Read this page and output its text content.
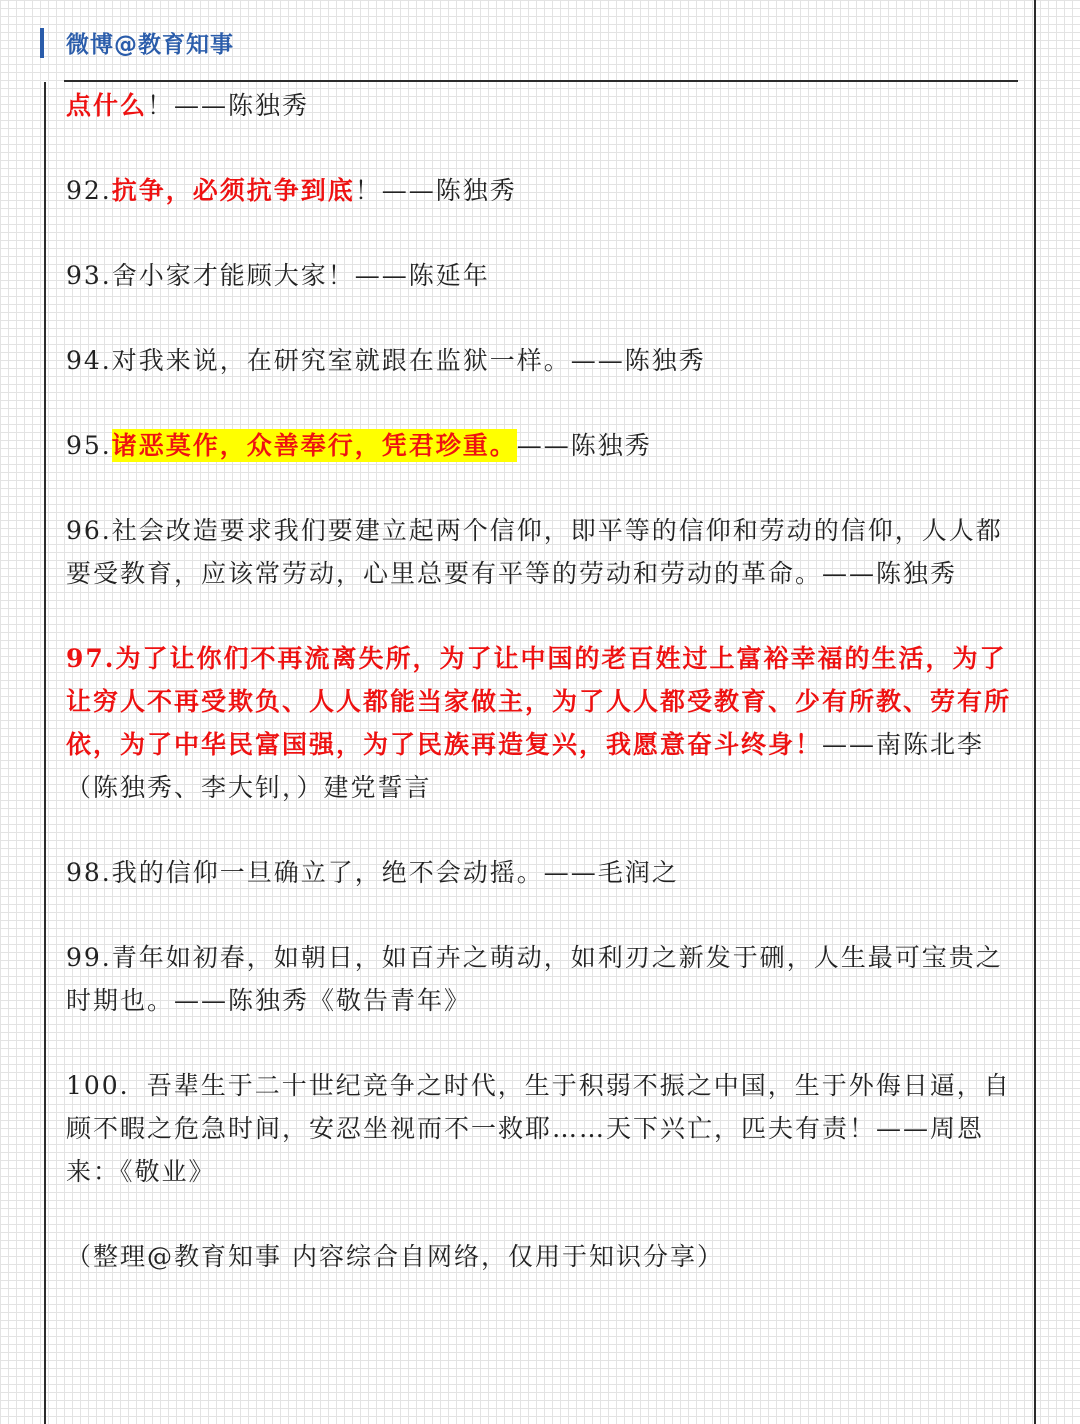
微博@教育知事

点什么！——陈独秀

92.抗争，必须抗争到底！——陈独秀

93.舍小家才能顾大家！——陈延年

94.对我来说，在研究室就跟在监狱一样。——陈独秀

95.诸恶莫作，众善奉行，凭君珍重。——陈独秀

96.社会改造要求我们要建立起两个信仰，即平等的信仰和劳动的信仰，人人都要受教育，应该常劳动，心里总要有平等的劳动和劳动的革命。——陈独秀

97.为了让你们不再流离失所，为了让中国的老百姓过上富裕幸福的生活，为了让穷人不再受欺负、人人都能当家做主，为了人人都受教育、少有所教、劳有所依，为了中华民富国强，为了民族再造复兴，我愿意奋斗终身！——南陈北李（陈独秀、李大钊，）建党誓言

98.我的信仰一旦确立了，绝不会动摇。——毛润之

99.青年如初春，如朝日，如百卉之萌动，如利刃之新发于硎，人生最可宝贵之时期也。——陈独秀《敬告青年》

100．吾辈生于二十世纪竞争之时代，生于积弱不振之中国，生于外侮日逼，自顾不暇之危急时间，安忍坐视而不一救耶……天下兴亡，匹夫有责！——周恩来：《敬业》

（整理@教育知事 内容综合自网络，仅用于知识分享）
